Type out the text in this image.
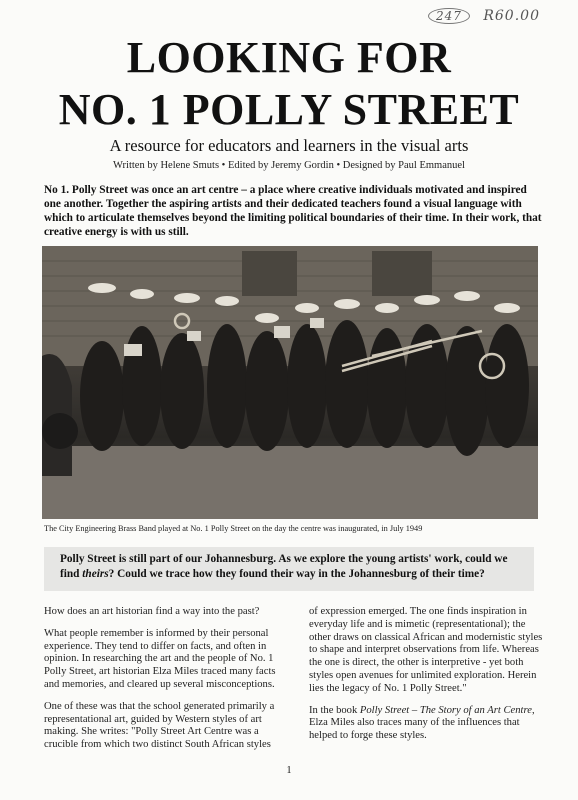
247 R60.00
LOOKING FOR
NO. 1 POLLY STREET
A resource for educators and learners in the visual arts
Written by Helene Smuts • Edited by Jeremy Gordin • Designed by Paul Emmanuel
No 1. Polly Street was once an art centre – a place where creative individuals motivated and inspired one another. Together the aspiring artists and their dedicated teachers found a visual language with which to articulate themselves beyond the limiting political boundaries of their time. In their work, that creative energy is with us still.
The City Engineering Brass Band played at No. 1 Polly Street on the day the centre was inaugurated, in July 1949
Polly Street is still part of our Johannesburg. As we explore the young artists' work, could we find theirs? Could we trace how they found their way in the Johannesburg of their time?

How does an art historian find a way into the past?

What people remember is informed by their personal experience. They tend to differ on facts, and often in opinion. In researching the art and the people of No. 1 Polly Street, art historian Elza Miles traced many facts and memories, and cleared up several misconceptions.

One of these was that the school generated primarily a representational art, guided by Western styles of art making. She writes: "Polly Street Art Centre was a crucible from which two distinct South African styles

of expression emerged. The one finds inspiration in everyday life and is mimetic (representational); the other draws on classical African and modernistic styles to shape and interpret observations from life. Whereas the one is direct, the other is interpretive - yet both styles open avenues for unlimited exploration. Herein lies the legacy of No. 1 Polly Street."

In the book Polly Street – The Story of an Art Centre, Elza Miles also traces many of the influences that helped to forge these styles.

1
